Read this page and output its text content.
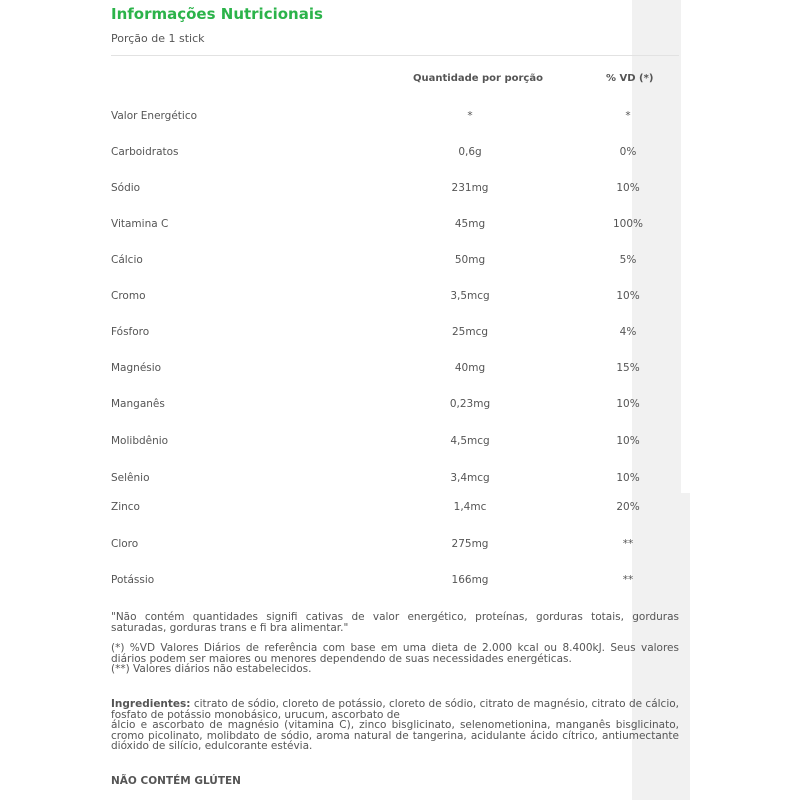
Informações Nutricionais
Porção de 1 stick
Quantidade por porção	% VD (*)
Valor Energético	*	*
Carboidratos	0,6g	0%
Sódio	231mg	10%
Vitamina C	45mg	100%
Cálcio	50mg	5%
Cromo	3,5mcg	10%
Fósforo	25mcg	4%
Magnésio	40mg	15%
Manganês	0,23mg	10%
Molibdênio	4,5mcg	10%
Selênio	3,4mcg	10%
Zinco	1,4mc	20%
Cloro	275mg	**
Potássio	166mg	**

"Não contém quantidades signifi cativas de valor energético, proteínas, gorduras totais, gorduras saturadas, gorduras trans e fi bra alimentar."

(*) %VD Valores Diários de referência com base em uma dieta de 2.000 kcal ou 8.400kJ. Seus valores diários podem ser maiores ou menores dependendo de suas necessidades energéticas.

(**) Valores diários não estabelecidos.

Ingredientes: citrato de sódio, cloreto de potássio, cloreto de sódio, citrato de magnésio, citrato de cálcio, fosfato de potássio monobásico, urucum, ascorbato de
álcio e ascorbato de magnésio (vitamina C), zinco bisglicinato, selenometionina, manganês bisglicinato, cromo picolinato, molibdato de sódio, aroma natural de tangerina, acidulante ácido cítrico, antiumectante dióxido de silício, edulcorante estévia.
NÃO CONTÉM GLÚTEN
